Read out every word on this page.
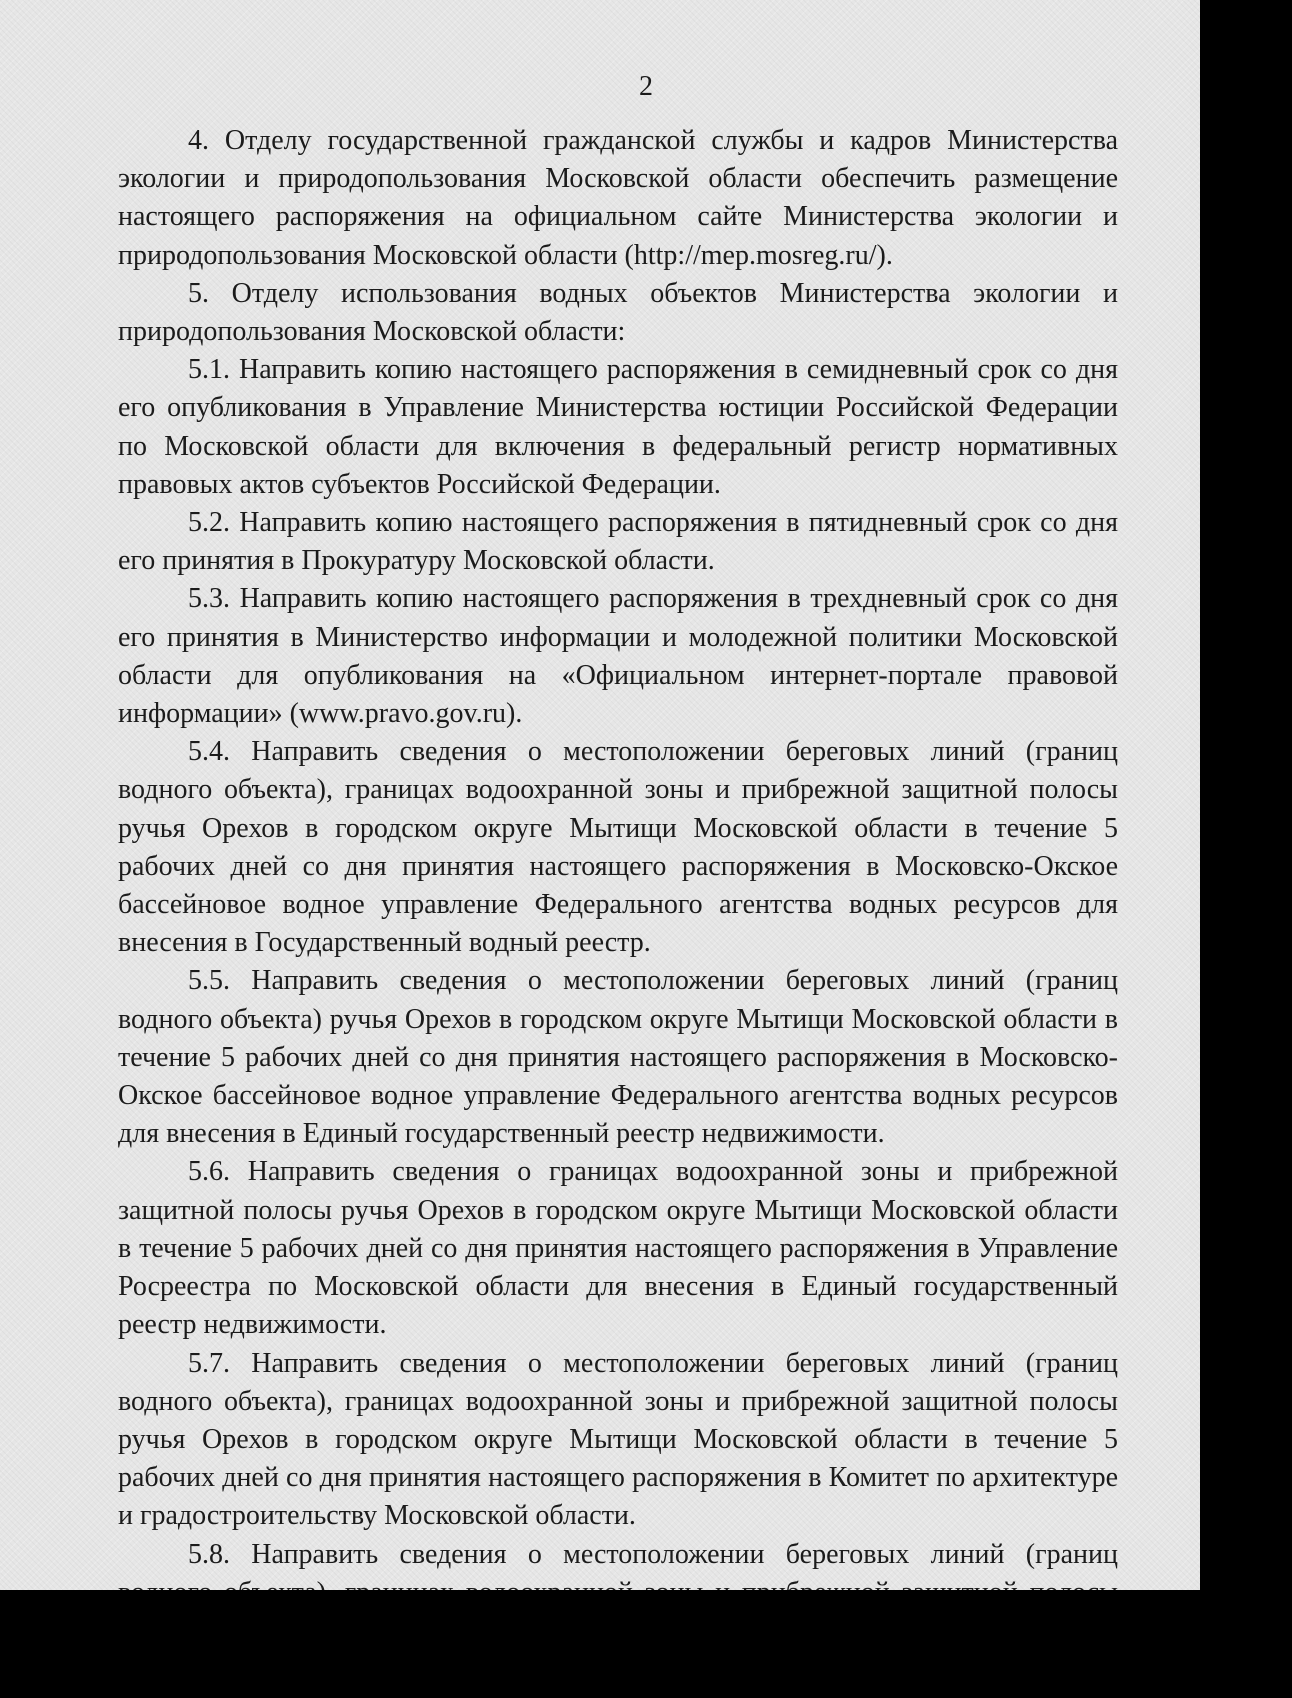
2

4. Отделу государственной гражданской службы и кадров Министерства экологии и природопользования Московской области обеспечить размещение настоящего распоряжения на официальном сайте Министерства экологии и природопользования Московской области (http://mep.mosreg.ru/).

5. Отделу использования водных объектов Министерства экологии и природопользования Московской области:

5.1. Направить копию настоящего распоряжения в семидневный срок со дня его опубликования в Управление Министерства юстиции Российской Федерации по Московской области для включения в федеральный регистр нормативных правовых актов субъектов Российской Федерации.

5.2. Направить копию настоящего распоряжения в пятидневный срок со дня его принятия в Прокуратуру Московской области.

5.3. Направить копию настоящего распоряжения в трехдневный срок со дня его принятия в Министерство информации и молодежной политики Московской области для опубликования на «Официальном интернет-портале правовой информации» (www.pravo.gov.ru).

5.4. Направить сведения о местоположении береговых линий (границ водного объекта), границах водоохранной зоны и прибрежной защитной полосы ручья Орехов в городском округе Мытищи Московской области в течение 5 рабочих дней со дня принятия настоящего распоряжения в Московско-Окское бассейновое водное управление Федерального агентства водных ресурсов для внесения в Государственный водный реестр.

5.5. Направить сведения о местоположении береговых линий (границ водного объекта) ручья Орехов в городском округе Мытищи Московской области в течение 5 рабочих дней со дня принятия настоящего распоряжения в Московско-Окское бассейновое водное управление Федерального агентства водных ресурсов для внесения в Единый государственный реестр недвижимости.

5.6. Направить сведения о границах водоохранной зоны и прибрежной защитной полосы ручья Орехов в городском округе Мытищи Московской области в течение 5 рабочих дней со дня принятия настоящего распоряжения в Управление Росреестра по Московской области для внесения в Единый государственный реестр недвижимости.

5.7. Направить сведения о местоположении береговых линий (границ водного объекта), границах водоохранной зоны и прибрежной защитной полосы ручья Орехов в городском округе Мытищи Московской области в течение 5 рабочих дней со дня принятия настоящего распоряжения в Комитет по архитектуре и градостроительству Московской области.

5.8. Направить сведения о местоположении береговых линий (границ
